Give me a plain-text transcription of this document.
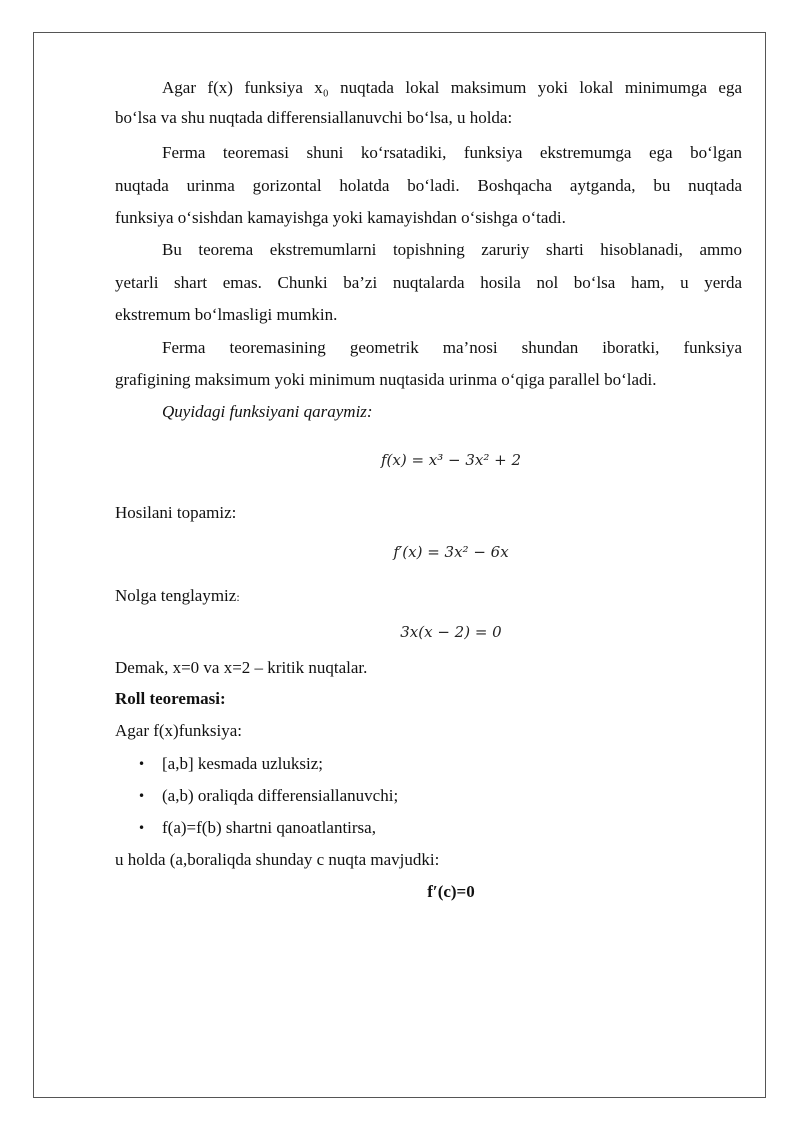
Agar f(x) funksiya x₀ nuqtada lokal maksimum yoki lokal minimumga ega
bo‘lsa va shu nuqtada differensiallanuvchi bo‘lsa, u holda:
Ferma teoremasi shuni ko‘rsatadiki, funksiya ekstremumga ega bo‘lgan
nuqtada urinma gorizontal holatda bo‘ladi. Boshqacha aytganda, bu nuqtada
funksiya o‘sishdan kamayishga yoki kamayishdan o‘sishga o‘tadi.
Bu teorema ekstremumlarni topishning zaruriy sharti hisoblanadi, ammo
yetarli shart emas. Chunki ba’zi nuqtalarda hosila nol bo‘lsa ham, u yerda
ekstremum bo‘lmasligi mumkin.
Ferma teoremasining geometrik ma’nosi shundan iboratki, funksiya
grafigining maksimum yoki minimum nuqtasida urinma o‘qiga parallel bo‘ladi.
Quyidagi funksiyani qaraymiz:
f(x) = x³ − 3x² + 2
Hosilani topamiz:
f′(x) = 3x² − 6x
Nolga tenglaymiz:
3x(x − 2) = 0
Demak, x=0 va x=2 – kritik nuqtalar.
Roll teoremasi:
Agar f(x)funksiya:
• [a,b] kesmada uzluksiz;
• (a,b) oraliqda differensiallanuvchi;
• f(a)=f(b) shartni qanoatlantirsa,
u holda (a,boraliqda shunday c nuqta mavjudki:
f′(c)=0
